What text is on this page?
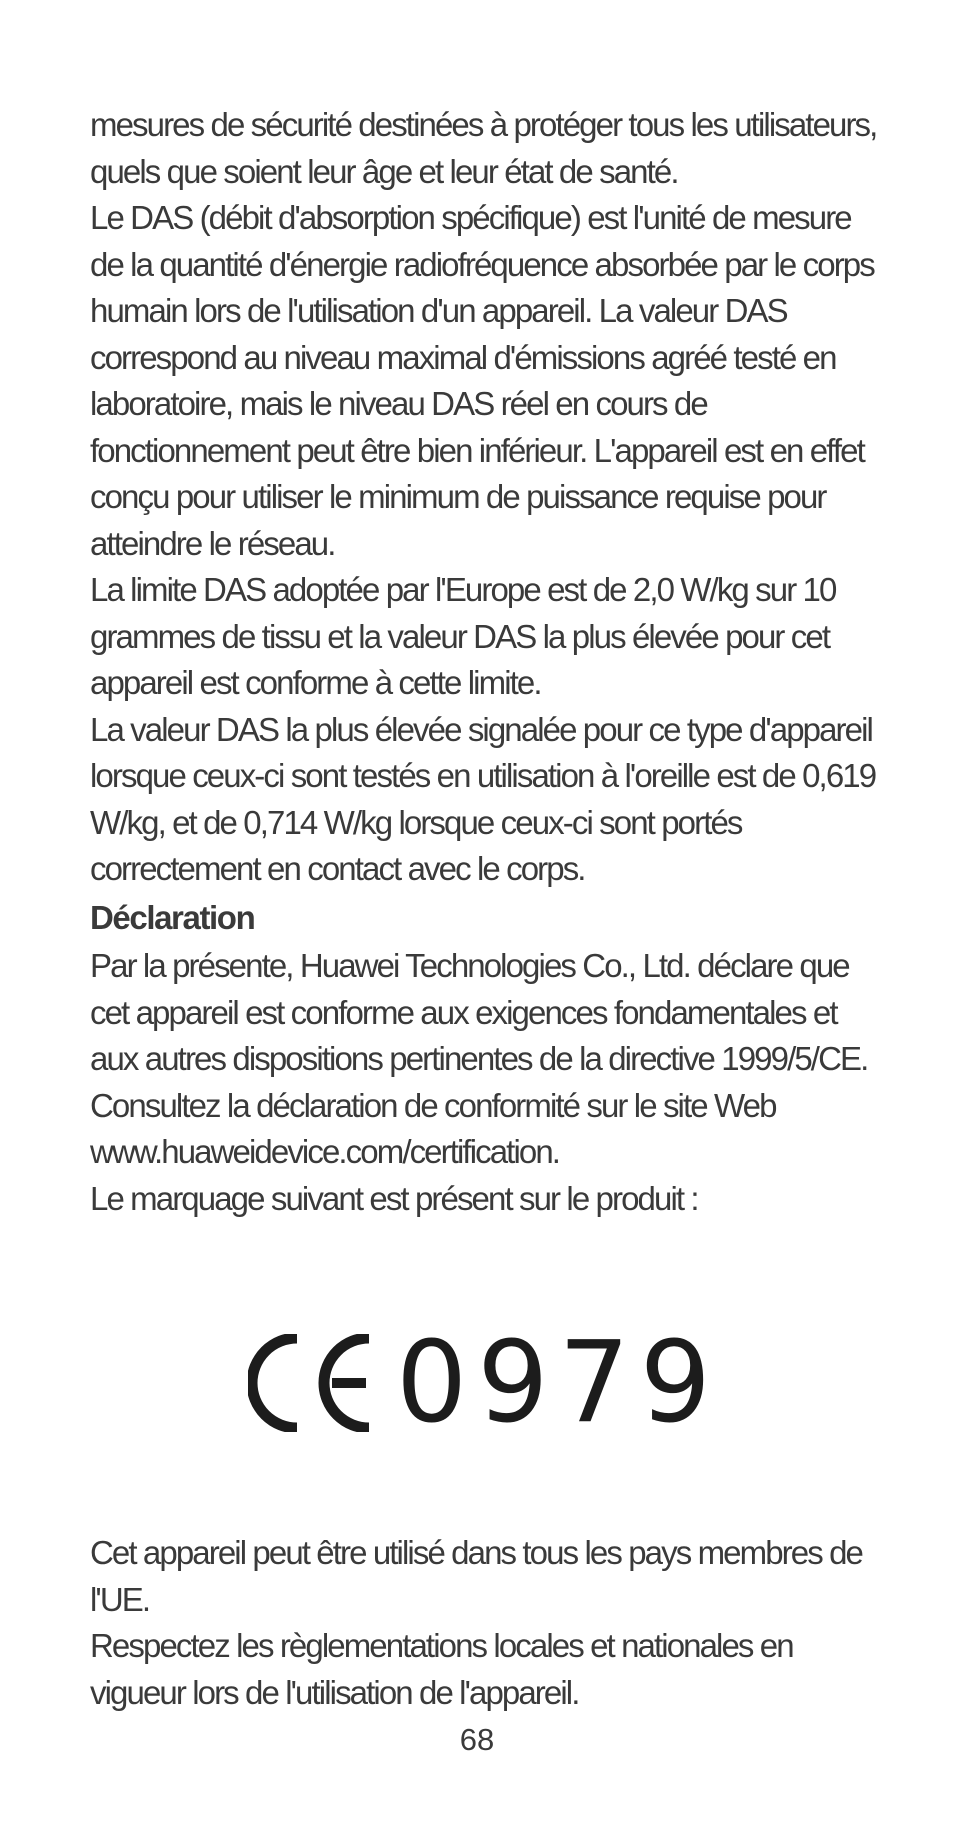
mesures de sécurité destinées à protéger tous les utilisateurs, quels que soient leur âge et leur état de santé.

Le DAS (débit d'absorption spécifique) est l'unité de mesure de la quantité d'énergie radiofréquence absorbée par le corps humain lors de l'utilisation d'un appareil. La valeur DAS correspond au niveau maximal d'émissions agréé testé en laboratoire, mais le niveau DAS réel en cours de fonctionnement peut être bien inférieur. L'appareil est en effet conçu pour utiliser le minimum de puissance requise pour atteindre le réseau.

La limite DAS adoptée par l'Europe est de 2,0 W/kg sur 10 grammes de tissu et la valeur DAS la plus élevée pour cet appareil est conforme à cette limite.

La valeur DAS la plus élevée signalée pour ce type d'appareil lorsque ceux-ci sont testés en utilisation à l'oreille est de 0,619 W/kg, et de 0,714 W/kg lorsque ceux-ci sont portés correctement en contact avec le corps.

Déclaration

Par la présente, Huawei Technologies Co., Ltd. déclare que cet appareil est conforme aux exigences fondamentales et aux autres dispositions pertinentes de la directive 1999/5/CE.

Consultez la déclaration de conformité sur le site Web www.huaweidevice.com/certification.

Le marquage suivant est présent sur le produit :

0979

Cet appareil peut être utilisé dans tous les pays membres de l'UE.

Respectez les règlementations locales et nationales en vigueur lors de l'utilisation de l'appareil.

68
